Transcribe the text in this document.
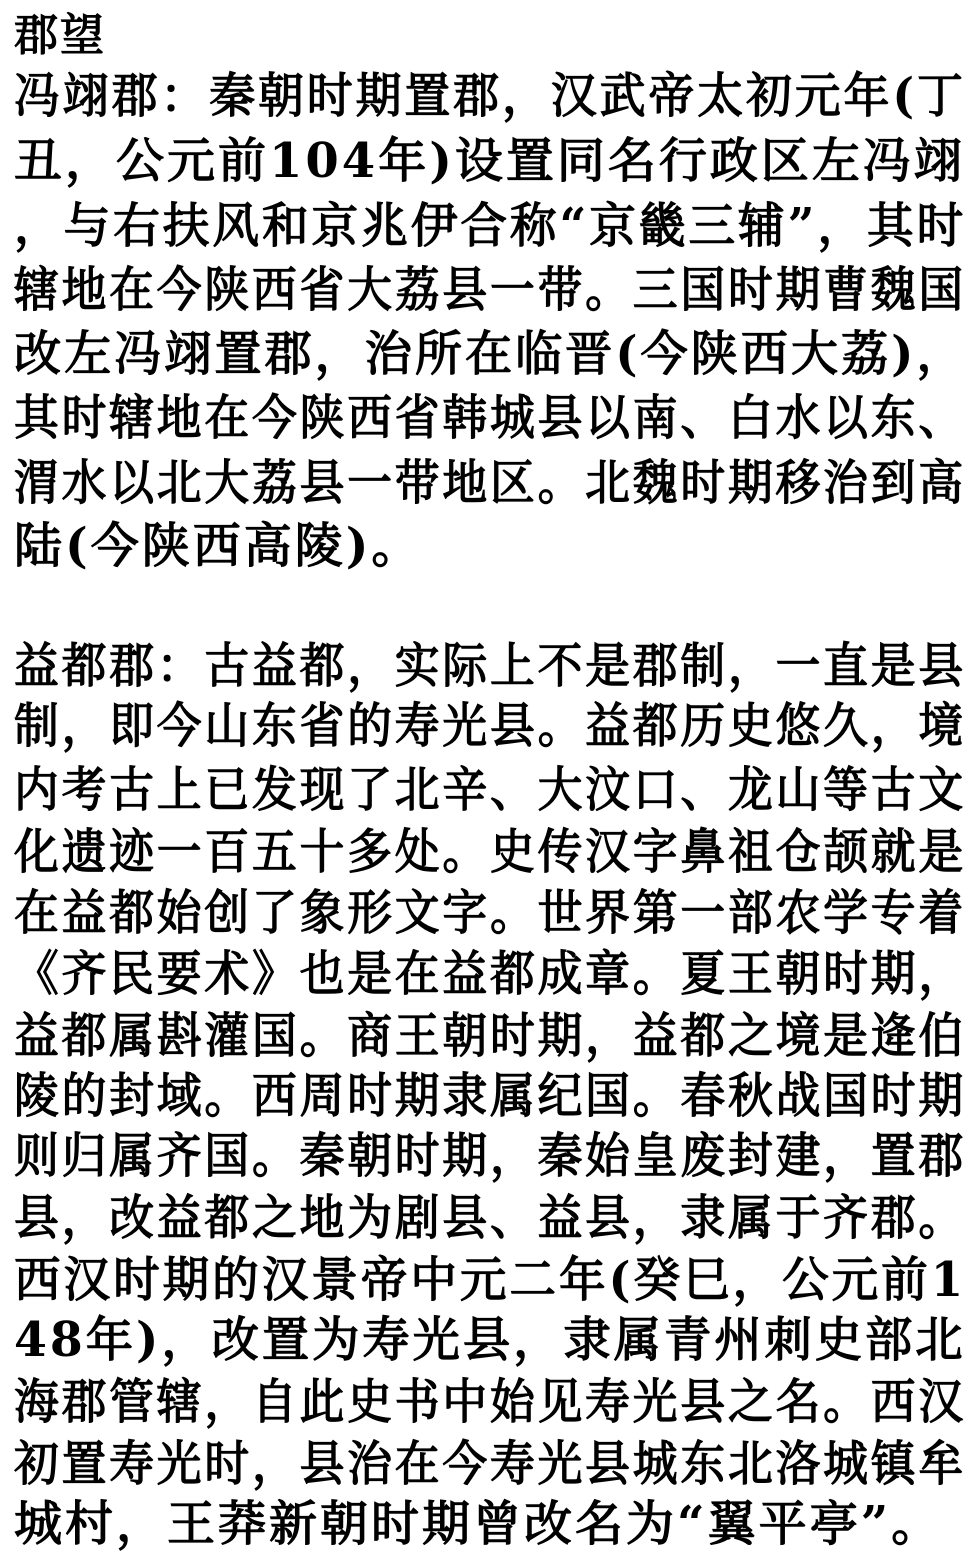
郡望
冯翊郡：秦朝时期置郡，汉武帝太初元年(丁
丑，公元前104年)设置同名行政区左冯翊
，与右扶风和京兆伊合称“京畿三辅”，其时
辖地在今陕西省大荔县一带。三国时期曹魏国
改左冯翊置郡，治所在临晋(今陕西大荔)，
其时辖地在今陕西省韩城县以南、白水以东、
渭水以北大荔县一带地区。北魏时期移治到高
陆(今陕西高陵)。
益都郡：古益都，实际上不是郡制，一直是县
制，即今山东省的寿光县。益都历史悠久，境
内考古上已发现了北辛、大汶口、龙山等古文
化遗迹一百五十多处。史传汉字鼻祖仓颉就是
在益都始创了象形文字。世界第一部农学专着
《齐民要术》也是在益都成章。夏王朝时期，
益都属斟灌国。商王朝时期，益都之境是逄伯
陵的封域。西周时期隶属纪国。春秋战国时期
则归属齐国。秦朝时期，秦始皇废封建，置郡
县，改益都之地为剧县、益县，隶属于齐郡。
西汉时期的汉景帝中元二年(癸巳，公元前1
48年)，改置为寿光县，隶属青州刺史部北
海郡管辖，自此史书中始见寿光县之名。西汉
初置寿光时，县治在今寿光县城东北洛城镇牟
城村，王莽新朝时期曾改名为“翼平亭”。
